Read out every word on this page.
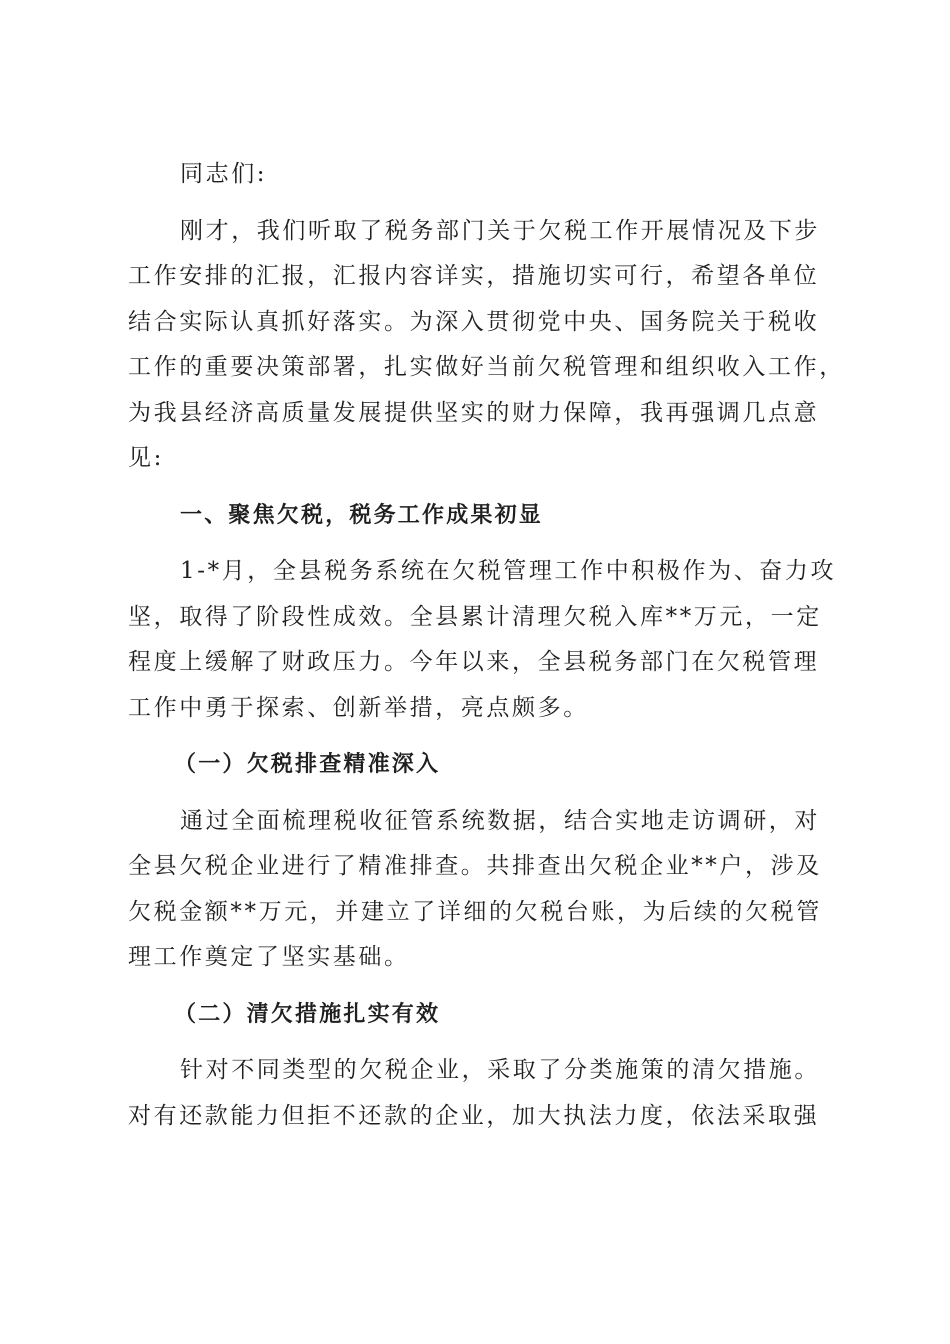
同志们:
刚才，我们听取了税务部门关于欠税工作开展情况及下步
工作安排的汇报，汇报内容详实，措施切实可行，希望各单位
结合实际认真抓好落实。为深入贯彻党中央、国务院关于税收
工作的重要决策部署，扎实做好当前欠税管理和组织收入工作，
为我县经济高质量发展提供坚实的财力保障，我再强调几点意
见:
一、聚焦欠税，税务工作成果初显
1-*月，全县税务系统在欠税管理工作中积极作为、奋力攻
坚，取得了阶段性成效。全县累计清理欠税入库**万元，一定
程度上缓解了财政压力。今年以来，全县税务部门在欠税管理
工作中勇于探索、创新举措，亮点颇多。
（一）欠税排查精准深入
通过全面梳理税收征管系统数据，结合实地走访调研，对
全县欠税企业进行了精准排查。共排查出欠税企业**户，涉及
欠税金额**万元，并建立了详细的欠税台账，为后续的欠税管
理工作奠定了坚实基础。
（二）清欠措施扎实有效
针对不同类型的欠税企业，采取了分类施策的清欠措施。
对有还款能力但拒不还款的企业，加大执法力度，依法采取强
